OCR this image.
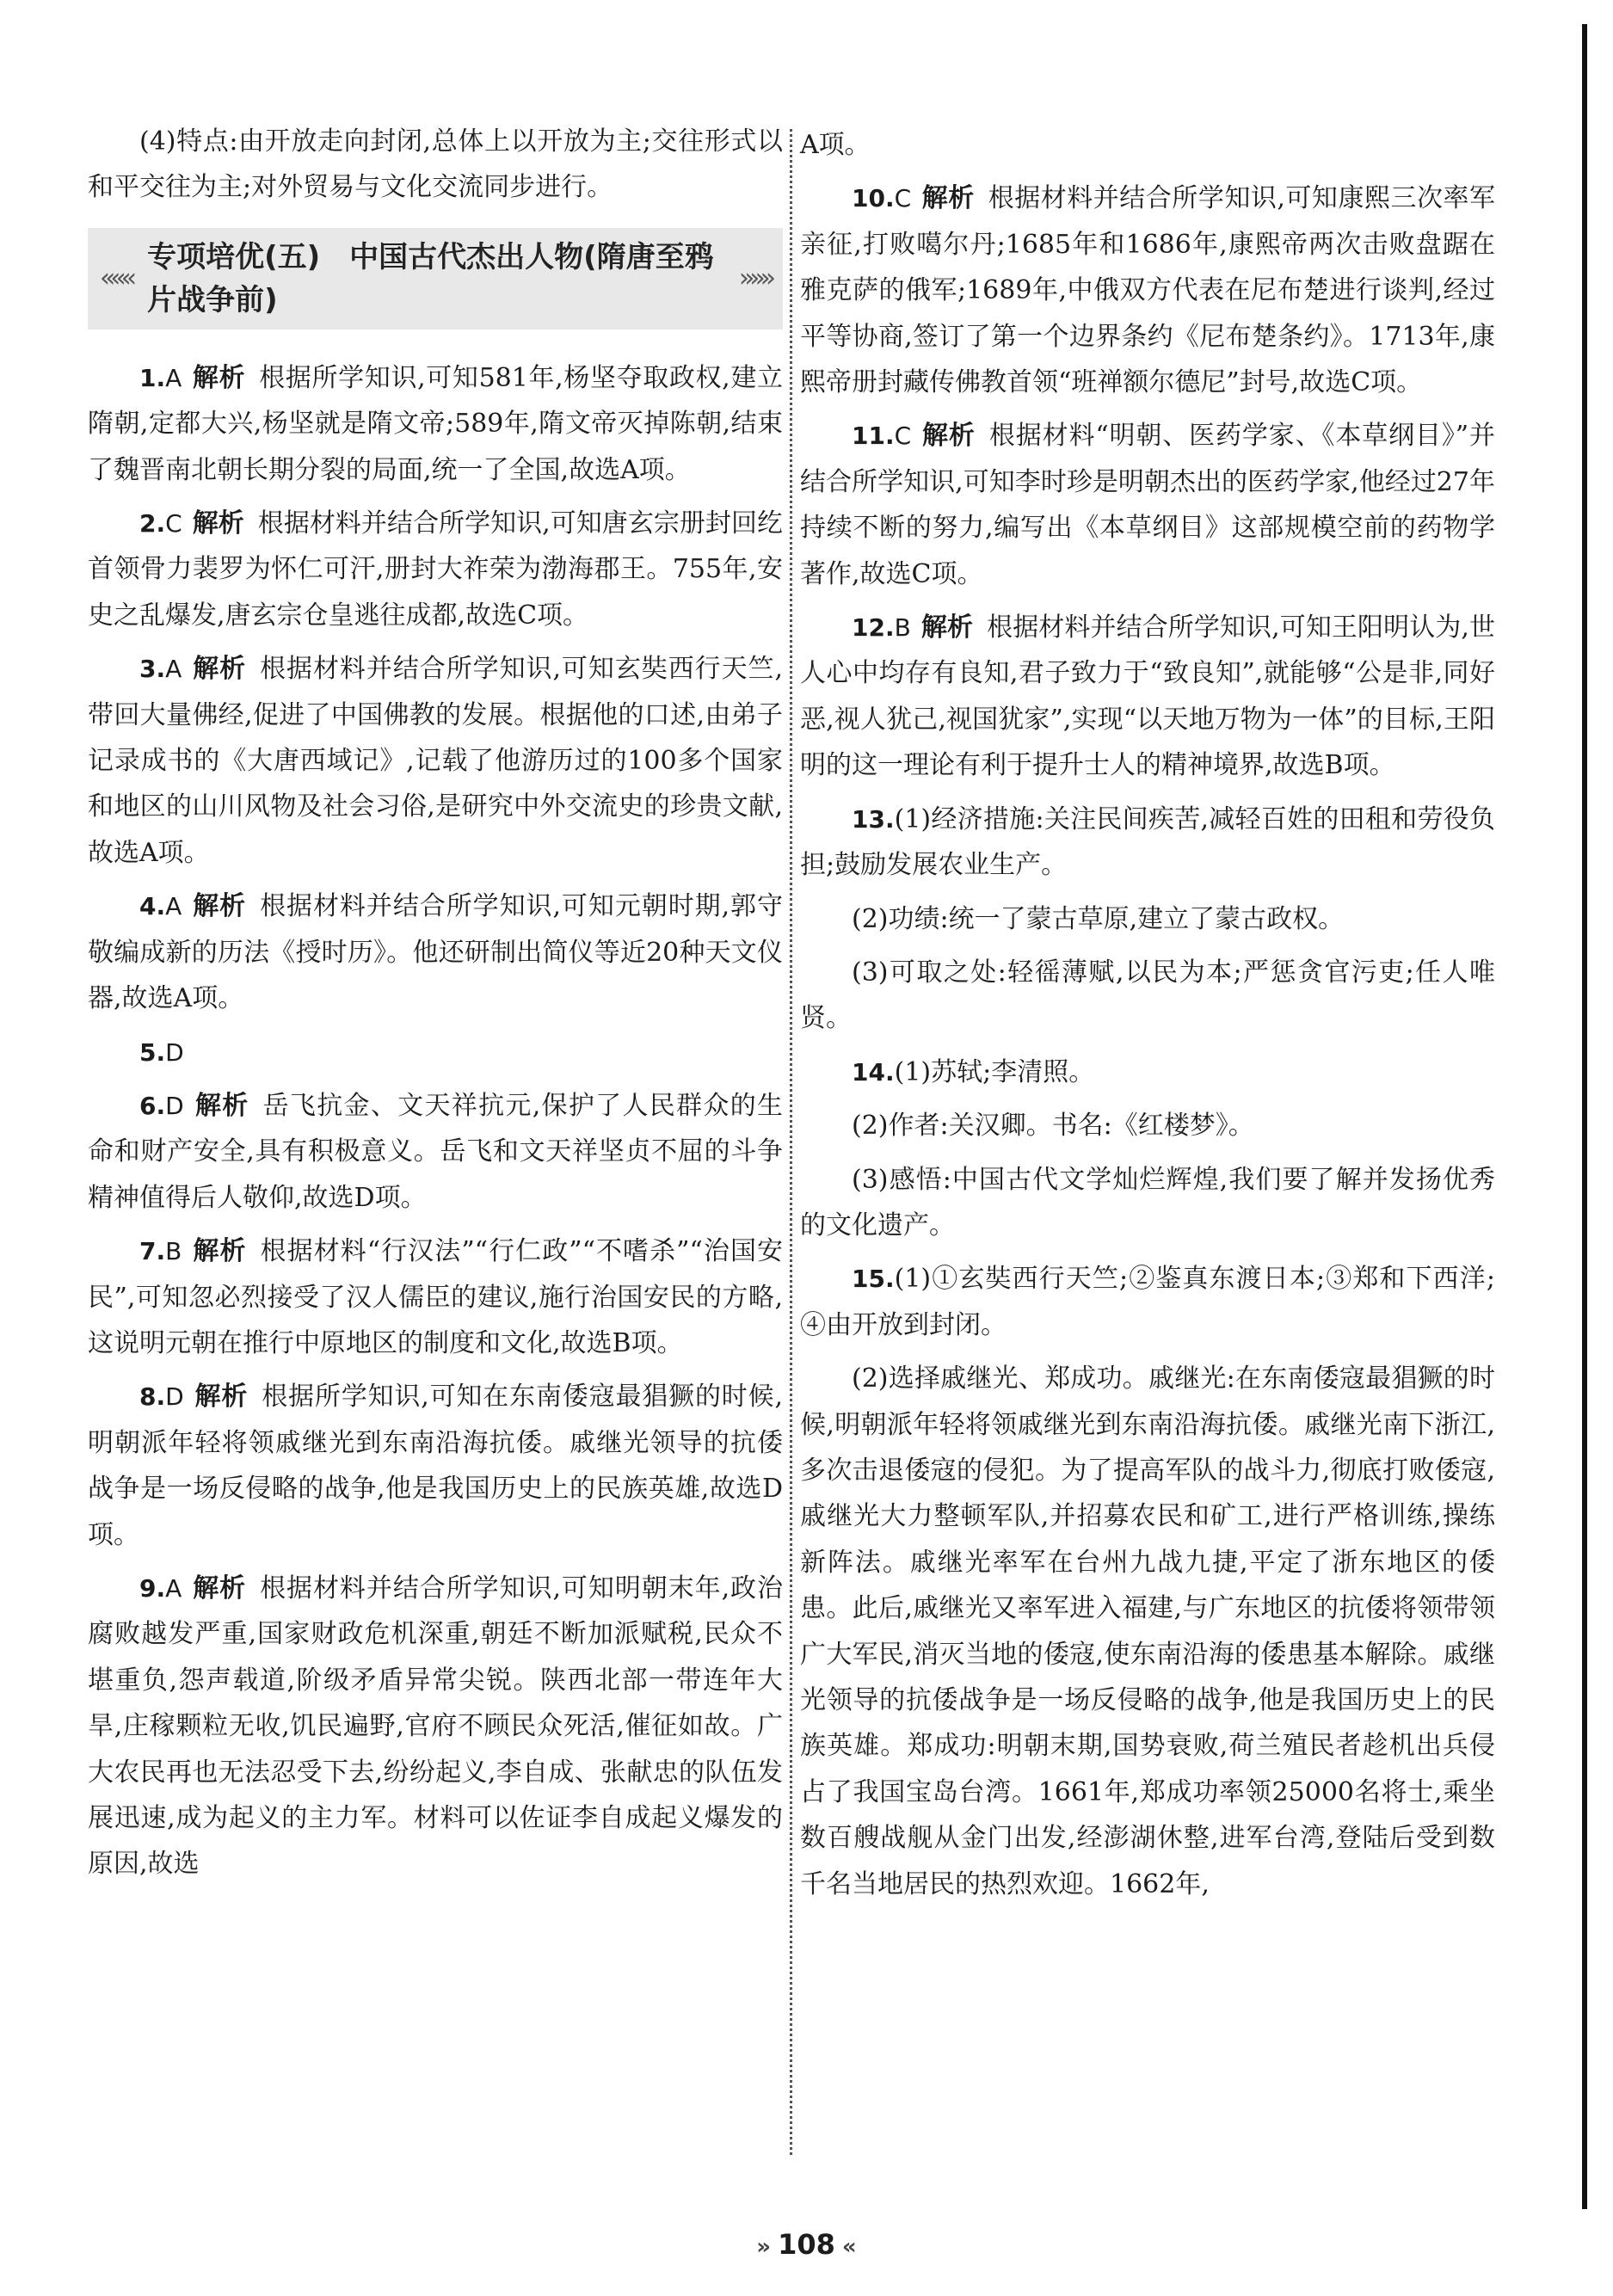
(4)特点:由开放走向封闭,总体上以开放为主;交往形式以和平交往为主;对外贸易与文化交流同步进行。

«««
专项培优(五)　中国古代杰出人物(隋唐至鸦片战争前)
»»»

1.A 解析 根据所学知识,可知581年,杨坚夺取政权,建立隋朝,定都大兴,杨坚就是隋文帝;589年,隋文帝灭掉陈朝,结束了魏晋南北朝长期分裂的局面,统一了全国,故选A项。

2.C 解析 根据材料并结合所学知识,可知唐玄宗册封回纥首领骨力裴罗为怀仁可汗,册封大祚荣为渤海郡王。755年,安史之乱爆发,唐玄宗仓皇逃往成都,故选C项。

3.A 解析 根据材料并结合所学知识,可知玄奘西行天竺,带回大量佛经,促进了中国佛教的发展。根据他的口述,由弟子记录成书的《大唐西域记》,记载了他游历过的100多个国家和地区的山川风物及社会习俗,是研究中外交流史的珍贵文献,故选A项。

4.A 解析 根据材料并结合所学知识,可知元朝时期,郭守敬编成新的历法《授时历》。他还研制出简仪等近20种天文仪器,故选A项。

5.D

6.D 解析 岳飞抗金、文天祥抗元,保护了人民群众的生命和财产安全,具有积极意义。岳飞和文天祥坚贞不屈的斗争精神值得后人敬仰,故选D项。

7.B 解析 根据材料“行汉法”“行仁政”“不嗜杀”“治国安民”,可知忽必烈接受了汉人儒臣的建议,施行治国安民的方略,这说明元朝在推行中原地区的制度和文化,故选B项。

8.D 解析 根据所学知识,可知在东南倭寇最猖獗的时候,明朝派年轻将领戚继光到东南沿海抗倭。戚继光领导的抗倭战争是一场反侵略的战争,他是我国历史上的民族英雄,故选D项。

9.A 解析 根据材料并结合所学知识,可知明朝末年,政治腐败越发严重,国家财政危机深重,朝廷不断加派赋税,民众不堪重负,怨声载道,阶级矛盾异常尖锐。陕西北部一带连年大旱,庄稼颗粒无收,饥民遍野,官府不顾民众死活,催征如故。广大农民再也无法忍受下去,纷纷起义,李自成、张献忠的队伍发展迅速,成为起义的主力军。材料可以佐证李自成起义爆发的原因,故选

A项。

10.C 解析 根据材料并结合所学知识,可知康熙三次率军亲征,打败噶尔丹;1685年和1686年,康熙帝两次击败盘踞在雅克萨的俄军;1689年,中俄双方代表在尼布楚进行谈判,经过平等协商,签订了第一个边界条约《尼布楚条约》。1713年,康熙帝册封藏传佛教首领“班禅额尔德尼”封号,故选C项。

11.C 解析 根据材料“明朝、医药学家、《本草纲目》”并结合所学知识,可知李时珍是明朝杰出的医药学家,他经过27年持续不断的努力,编写出《本草纲目》这部规模空前的药物学著作,故选C项。

12.B 解析 根据材料并结合所学知识,可知王阳明认为,世人心中均存有良知,君子致力于“致良知”,就能够“公是非,同好恶,视人犹己,视国犹家”,实现“以天地万物为一体”的目标,王阳明的这一理论有利于提升士人的精神境界,故选B项。

13.(1)经济措施:关注民间疾苦,减轻百姓的田租和劳役负担;鼓励发展农业生产。

(2)功绩:统一了蒙古草原,建立了蒙古政权。

(3)可取之处:轻徭薄赋,以民为本;严惩贪官污吏;任人唯贤。

14.(1)苏轼;李清照。

(2)作者:关汉卿。书名:《红楼梦》。

(3)感悟:中国古代文学灿烂辉煌,我们要了解并发扬优秀的文化遗产。

15.(1)①玄奘西行天竺;②鉴真东渡日本;③郑和下西洋;④由开放到封闭。

(2)选择戚继光、郑成功。戚继光:在东南倭寇最猖獗的时候,明朝派年轻将领戚继光到东南沿海抗倭。戚继光南下浙江,多次击退倭寇的侵犯。为了提高军队的战斗力,彻底打败倭寇,戚继光大力整顿军队,并招募农民和矿工,进行严格训练,操练新阵法。戚继光率军在台州九战九捷,平定了浙东地区的倭患。此后,戚继光又率军进入福建,与广东地区的抗倭将领带领广大军民,消灭当地的倭寇,使东南沿海的倭患基本解除。戚继光领导的抗倭战争是一场反侵略的战争,他是我国历史上的民族英雄。郑成功:明朝末期,国势衰败,荷兰殖民者趁机出兵侵占了我国宝岛台湾。1661年,郑成功率领25000名将士,乘坐数百艘战舰从金门出发,经澎湖休整,进军台湾,登陆后受到数千名当地居民的热烈欢迎。1662年,

» 108 «
